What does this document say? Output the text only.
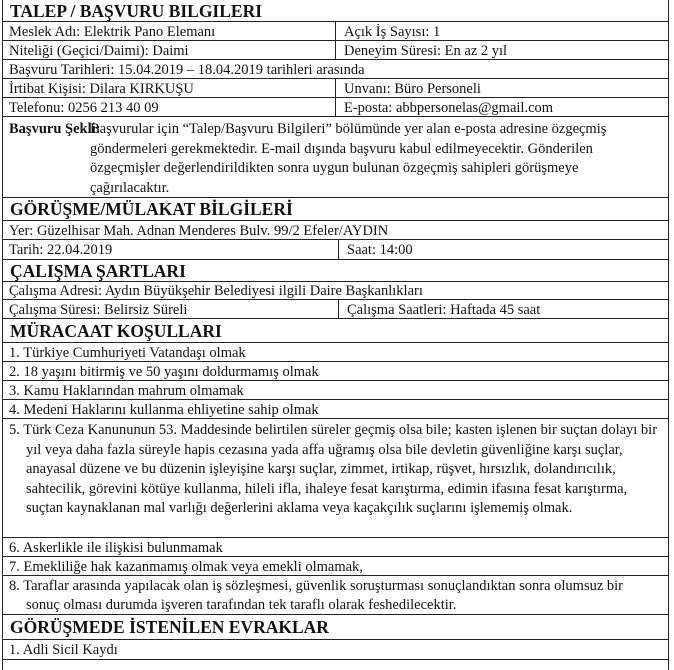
TALEP / BAŞVURU BILGILERI
Meslek Adı: Elektrik Pano Elemanı	Açık İş Sayısı: 1
Niteliği (Geçici/Daimi): Daimi	Deneyim Süresi: En az 2 yıl
Başvuru Tarihleri: 15.04.2019 – 18.04.2019 tarihleri arasında
İrtibat Kişisi: Dilara KIRKUŞU	Unvanı: Büro Personeli
Telefonu: 0256 213 40 09	E-posta: abbpersonelas@gmail.com
Başvuru Şekli:
Başvurular için “Talep/Başvuru Bilgileri” bölümünde yer alan e-posta adresine özgeçmiş göndermeleri gerekmektedir. E-mail dışında başvuru kabul edilmeyecektir. Gönderilen özgeçmişler değerlendirildikten sonra uygun bulunan özgeçmiş sahipleri görüşmeye çağırılacaktır.
GÖRÜŞME/MÜLAKAT BİLGİLERİ
Yer: Güzelhisar Mah. Adnan Menderes Bulv. 99/2 Efeler/AYDIN
Tarih: 22.04.2019	Saat: 14:00
ÇALIŞMA ŞARTLARI
Çalışma Adresi: Aydın Büyükşehir Belediyesi ilgili Daire Başkanlıkları
Çalışma Süresi: Belirsiz Süreli	Çalışma Saatleri: Haftada 45 saat
MÜRACAAT KOŞULLARI
1. Türkiye Cumhuriyeti Vatandaşı olmak
2. 18 yaşını bitirmiş ve 50 yaşını doldurmamış olmak
3. Kamu Haklarından mahrum olmamak
4. Medeni Haklarını kullanma ehliyetine sahip olmak
5. Türk Ceza Kanununun 53. Maddesinde belirtilen süreler geçmiş olsa bile; kasten işlenen bir suçtan dolayı bir yıl veya daha fazla süreyle hapis cezasına yada affa uğramış olsa bile devletin güvenliğine karşı suçlar, anayasal düzene ve bu düzenin işleyişine karşı suçlar, zimmet, irtikap, rüşvet, hırsızlık, dolandırıcılık, sahtecilik, görevini kötüye kullanma, hileli ifla, ihaleye fesat karıştırma, edimin ifasına fesat karıştırma, suçtan kaynaklanan mal varlığı değerlerini aklama veya kaçakçılık suçlarını işlememiş olmak.
6. Askerlikle ile ilişkisi bulunmamak
7. Emekliliğe hak kazanmamış olmak veya emekli olmamak,
8. Taraflar arasında yapılacak olan iş sözleşmesi, güvenlik soruşturması sonuçlandıktan sonra olumsuz bir sonuç olması durumda işveren tarafından tek taraflı olarak feshedilecektir.
GÖRÜŞMEDE İSTENİLEN EVRAKLAR
1. Adli Sicil Kaydı
